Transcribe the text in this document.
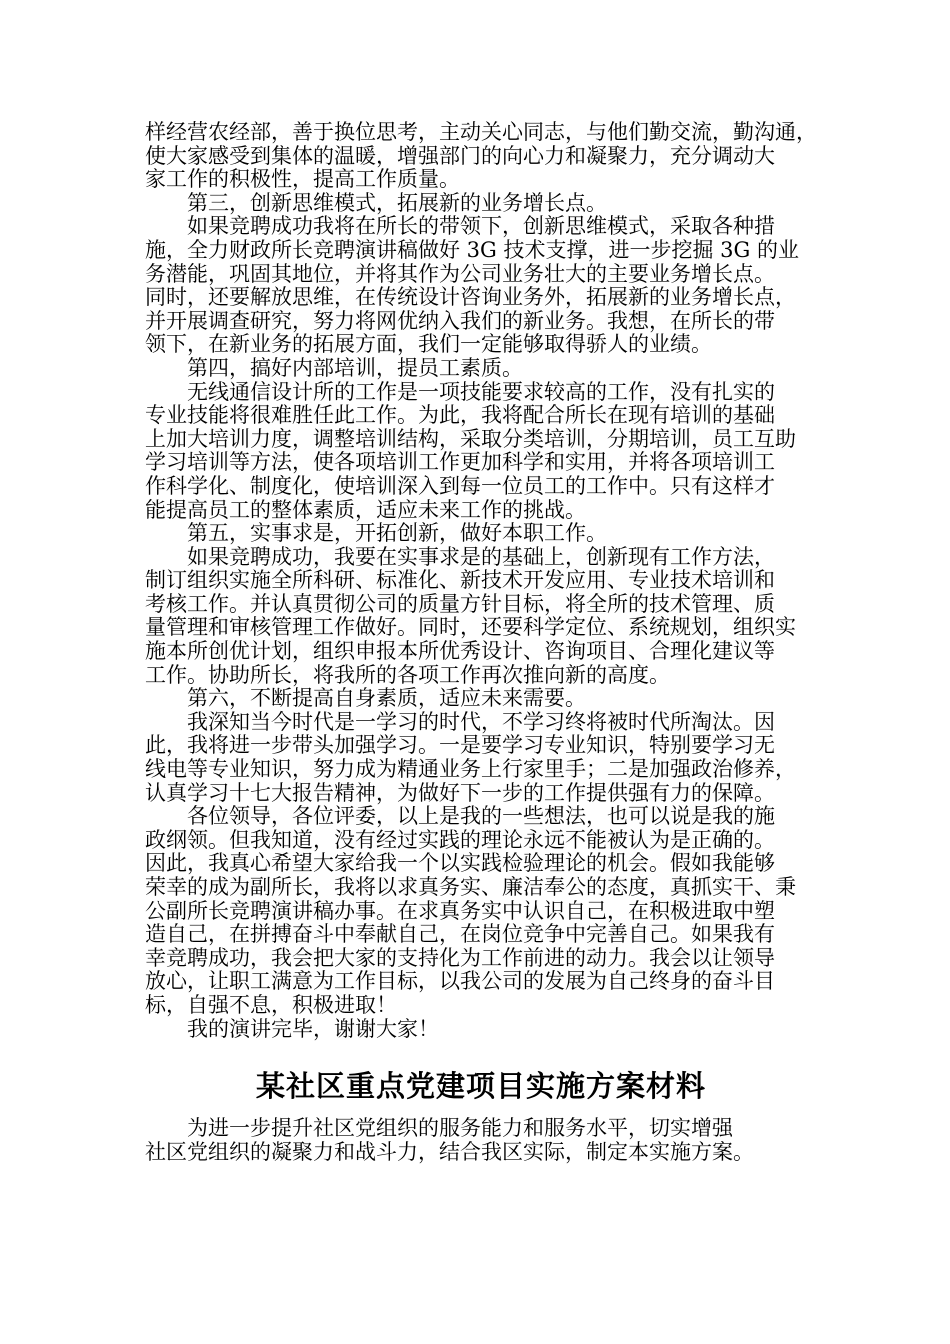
样经营农经部，善于换位思考，主动关心同志，与他们勤交流，勤沟通，
使大家感受到集体的温暖，增强部门的向心力和凝聚力，充分调动大
家工作的积极性，提高工作质量。
第三，创新思维模式，拓展新的业务增长点。
如果竞聘成功我将在所长的带领下，创新思维模式，采取各种措
施，全力财政所长竞聘演讲稿做好 3G 技术支撑，进一步挖掘 3G 的业
务潜能，巩固其地位，并将其作为公司业务壮大的主要业务增长点。
同时，还要解放思维，在传统设计咨询业务外，拓展新的业务增长点，
并开展调查研究，努力将网优纳入我们的新业务。我想，在所长的带
领下，在新业务的拓展方面，我们一定能够取得骄人的业绩。
第四，搞好内部培训，提员工素质。
无线通信设计所的工作是一项技能要求较高的工作，没有扎实的
专业技能将很难胜任此工作。为此，我将配合所长在现有培训的基础
上加大培训力度，调整培训结构，采取分类培训，分期培训，员工互助
学习培训等方法，使各项培训工作更加科学和实用，并将各项培训工
作科学化、制度化，使培训深入到每一位员工的工作中。只有这样才
能提高员工的整体素质，适应未来工作的挑战。
第五，实事求是，开拓创新，做好本职工作。
如果竞聘成功，我要在实事求是的基础上，创新现有工作方法，
制订组织实施全所科研、标准化、新技术开发应用、专业技术培训和
考核工作。并认真贯彻公司的质量方针目标，将全所的技术管理、质
量管理和审核管理工作做好。同时，还要科学定位、系统规划，组织实
施本所创优计划，组织申报本所优秀设计、咨询项目、合理化建议等
工作。协助所长，将我所的各项工作再次推向新的高度。
第六，不断提高自身素质，适应未来需要。
我深知当今时代是一学习的时代，不学习终将被时代所淘汰。因
此，我将进一步带头加强学习。一是要学习专业知识，特别要学习无
线电等专业知识，努力成为精通业务上行家里手；二是加强政治修养，
认真学习十七大报告精神，为做好下一步的工作提供强有力的保障。
各位领导，各位评委，以上是我的一些想法，也可以说是我的施
政纲领。但我知道，没有经过实践的理论永远不能被认为是正确的。
因此，我真心希望大家给我一个以实践检验理论的机会。假如我能够
荣幸的成为副所长，我将以求真务实、廉洁奉公的态度，真抓实干、秉
公副所长竞聘演讲稿办事。在求真务实中认识自己，在积极进取中塑
造自己，在拼搏奋斗中奉献自己，在岗位竞争中完善自己。如果我有
幸竞聘成功，我会把大家的支持化为工作前进的动力。我会以让领导
放心，让职工满意为工作目标，以我公司的发展为自己终身的奋斗目
标，自强不息，积极进取！
我的演讲完毕，谢谢大家！
某社区重点党建项目实施方案材料
为进一步提升社区党组织的服务能力和服务水平，切实增强
社区党组织的凝聚力和战斗力，结合我区实际，制定本实施方案。
